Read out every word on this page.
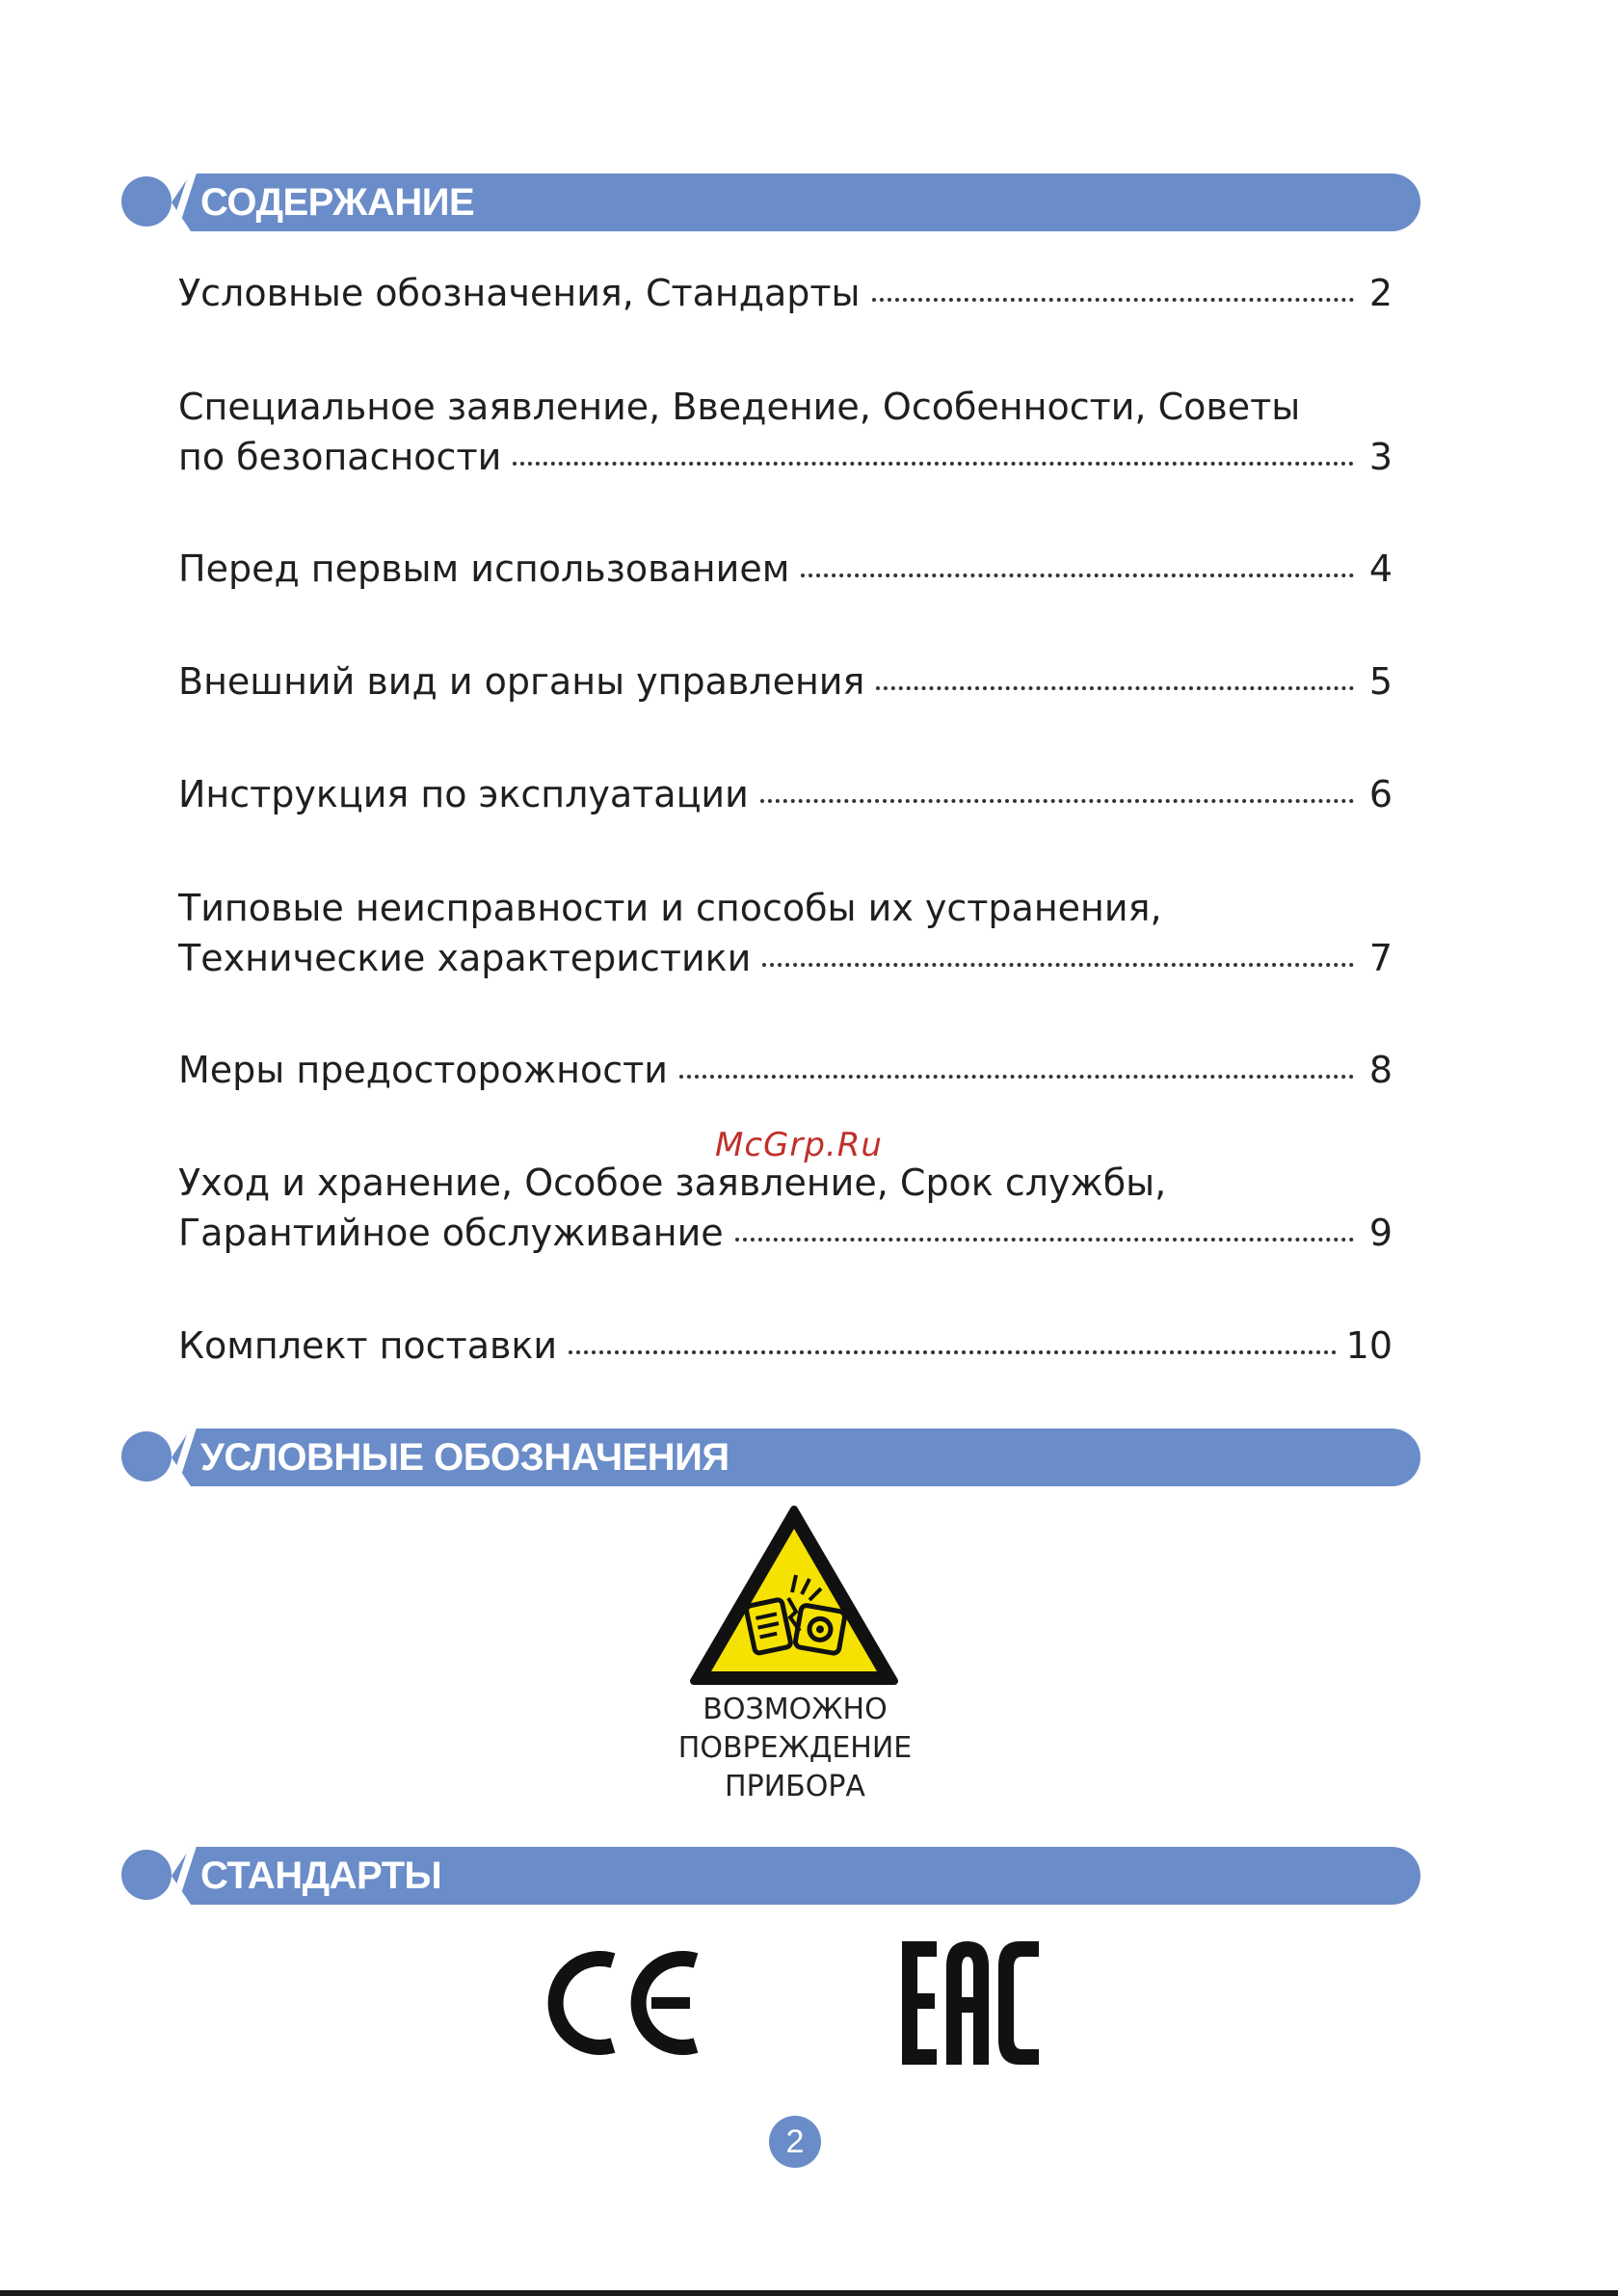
СОДЕРЖАНИЕ
Условные обозначения, Стандарты	2
Специальное заявление, Введение, Особенности, Советы
по безопасности	3
Перед первым использованием	4
Внешний вид и органы управления	5
Инструкция по эксплуатации	6
Типовые неисправности и способы их устранения,
Технические характеристики	7
Меры предосторожности	8
Уход и хранение, Особое заявление, Срок службы,
Гарантийное обслуживание	9
Комплект поставки	10
McGrp.Ru
УСЛОВНЫЕ ОБОЗНАЧЕНИЯ
ВОЗМОЖНО
ПОВРЕЖДЕНИЕ
ПРИБОРА
СТАНДАРТЫ
2
